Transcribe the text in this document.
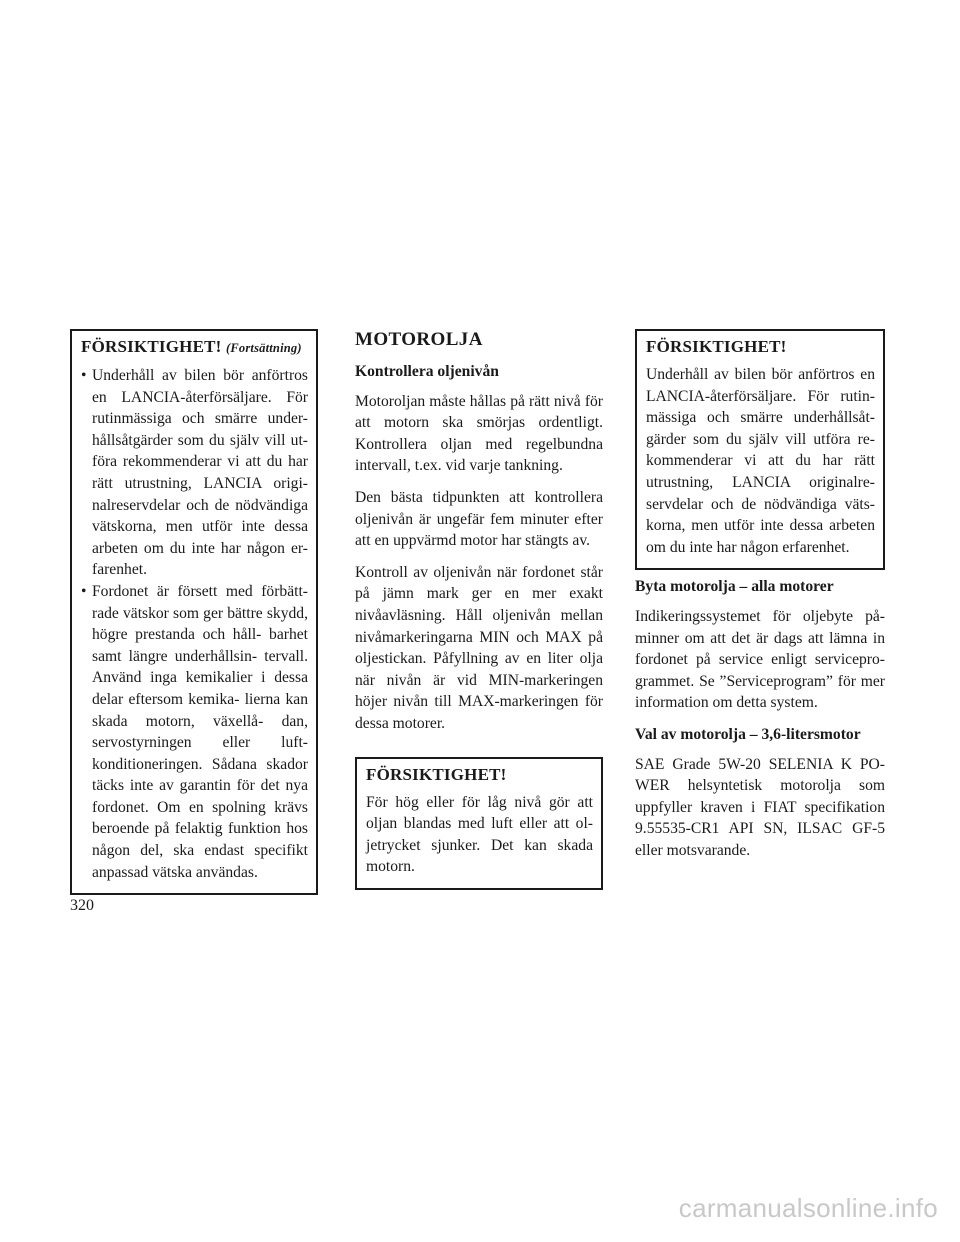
FÖRSIKTIGHET! (Fortsättning)
• Underhåll av bilen bör anförtros en LANCIA-återförsäljare. För rutinmässiga och smärre under- hållsåtgärder som du själv vill ut- föra rekommenderar vi att du har rätt utrustning, LANCIA origi- nalreservdelar och de nödvändiga vätskorna, men utför inte dessa arbeten om du inte har någon er- farenhet.
• Fordonet är försett med förbätt- rade vätskor som ger bättre skydd, högre prestanda och håll- barhet samt längre underhållsin- tervall. Använd inga kemikalier i dessa delar eftersom kemika- lierna kan skada motorn, växellå- dan, servostyrningen eller luft- konditioneringen. Sådana skador täcks inte av garantin för det nya fordonet. Om en spolning krävs beroende på felaktig funktion hos någon del, ska endast specifikt anpassad vätska användas.
MOTOROLJA
Kontrollera oljenivån

Motoroljan måste hållas på rätt nivå för att motorn ska smörjas ordentligt. Kontrollera oljan med regelbundna intervall, t.ex. vid varje tankning.

Den bästa tidpunkten att kontrollera oljenivån är ungefär fem minuter efter att en uppvärmd motor har stängts av.

Kontroll av oljenivån när fordonet står på jämn mark ger en mer exakt nivåavläsning. Håll oljenivån mellan nivåmarkeringarna MIN och MAX på oljestickan. Påfyllning av en liter olja när nivån är vid MIN-markeringen höjer nivån till MAX-markeringen för dessa motorer.

FÖRSIKTIGHET!

För hög eller för låg nivå gör att oljan blandas med luft eller att ol- jetrycket sjunker. Det kan skada motorn.

FÖRSIKTIGHET!

Underhåll av bilen bör anförtros en LANCIA-återförsäljare. För rutin- mässiga och smärre underhållsåt- gärder som du själv vill utföra re- kommenderar vi att du har rätt utrustning, LANCIA originalre- servdelar och de nödvändiga väts- korna, men utför inte dessa arbeten om du inte har någon erfarenhet.

Byta motorolja – alla motorer

Indikeringssystemet för oljebyte på- minner om att det är dags att lämna in fordonet på service enligt servicepro- grammet. Se ”Serviceprogram” för mer information om detta system.

Val av motorolja – 3,6-litersmotor

SAE Grade 5W-20 SELENIA K PO- WER helsyntetisk motorolja som uppfyller kraven i FIAT specifikation 9.55535-CR1 API SN, ILSAC GF-5 eller motsvarande.

320
carmanualsonline.info
